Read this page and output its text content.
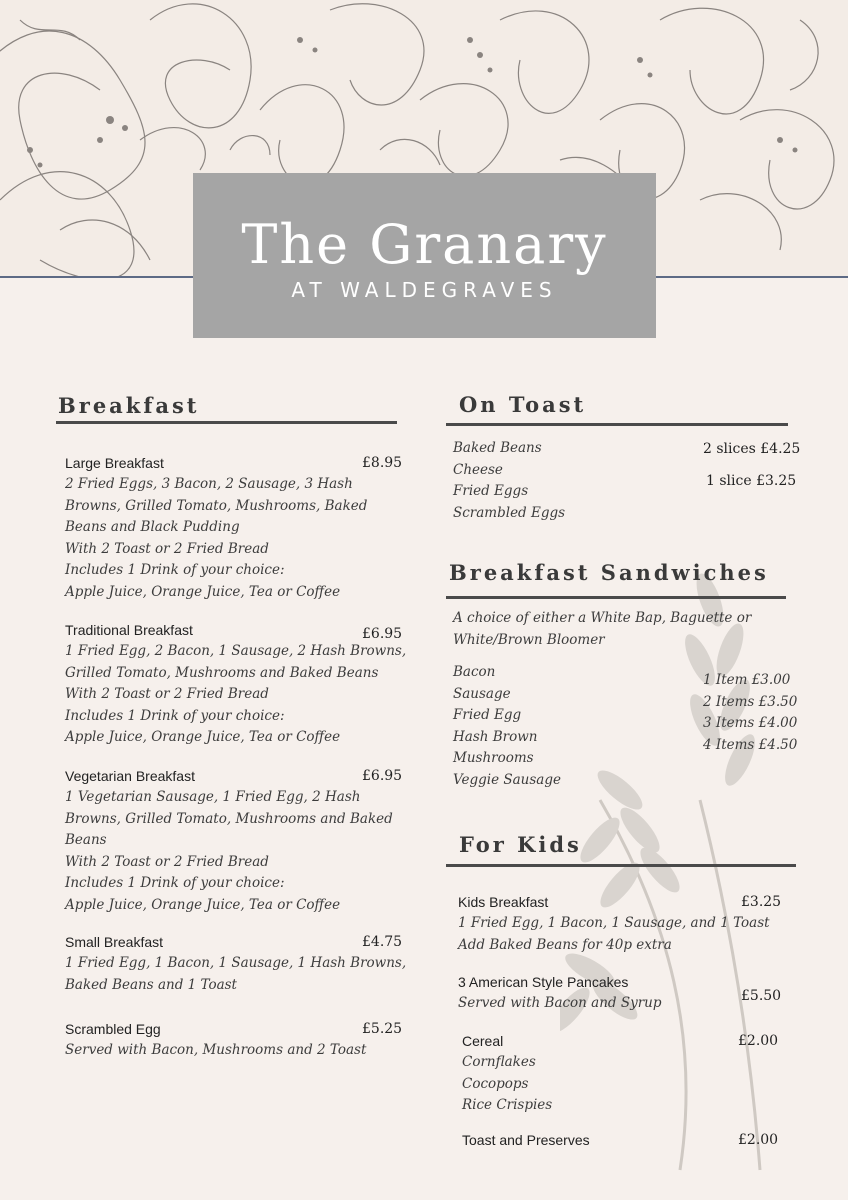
The Granary
AT WALDEGRAVES
Breakfast
Large Breakfast	£8.95
2 Fried Eggs, 3 Bacon, 2 Sausage, 3 Hash
Browns, Grilled Tomato, Mushrooms, Baked
Beans and Black Pudding
With 2 Toast or 2 Fried Bread
Includes 1 Drink of your choice:
Apple Juice, Orange Juice, Tea or Coffee
Traditional Breakfast	£6.95
1 Fried Egg, 2 Bacon, 1 Sausage, 2 Hash Browns,
Grilled Tomato, Mushrooms and Baked Beans
With 2 Toast or 2 Fried Bread
Includes 1 Drink of your choice:
Apple Juice, Orange Juice, Tea or Coffee
Vegetarian Breakfast	£6.95
1 Vegetarian Sausage, 1 Fried Egg, 2 Hash
Browns, Grilled Tomato, Mushrooms and Baked
Beans
With 2 Toast or 2 Fried Bread
Includes 1 Drink of your choice:
Apple Juice, Orange Juice, Tea or Coffee
Small Breakfast	£4.75
1 Fried Egg, 1 Bacon, 1 Sausage, 1 Hash Browns,
Baked Beans and 1 Toast
Scrambled Egg	£5.25
Served with Bacon, Mushrooms and 2 Toast
On Toast
Baked Beans
Cheese
Fried Eggs
Scrambled Eggs
2 slices £4.25
1 slice £3.25
Breakfast Sandwiches
A choice of either a White Bap, Baguette or
White/Brown Bloomer
Bacon
Sausage
Fried Egg
Hash Brown
Mushrooms
Veggie Sausage
1 Item £3.00
2 Items £3.50
3 Items £4.00
4 Items £4.50
For Kids
Kids Breakfast	£3.25
1 Fried Egg, 1 Bacon, 1 Sausage, and 1 Toast
Add Baked Beans for 40p extra
3 American Style Pancakes
£5.50
Served with Bacon and Syrup
Cereal	£2.00
Cornflakes
Cocopops
Rice Crispies
Toast and Preserves	£2.00
